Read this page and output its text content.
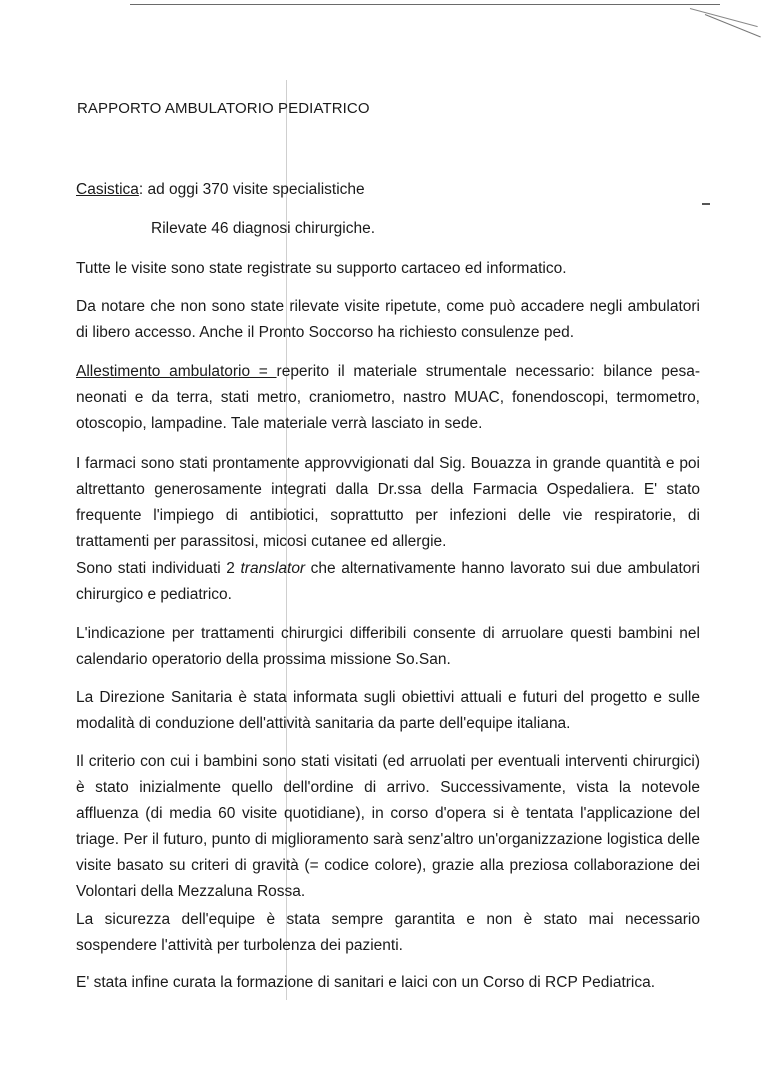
RAPPORTO AMBULATORIO PEDIATRICO

Casistica: ad oggi 370 visite specialistiche

Rilevate 46 diagnosi chirurgiche.

Tutte le visite sono state registrate su supporto cartaceo ed informatico.

Da notare che non sono state rilevate visite ripetute, come può accadere negli ambulatori di libero accesso. Anche il Pronto Soccorso ha richiesto consulenze ped.

Allestimento ambulatorio = reperito il materiale strumentale necessario: bilance pesa-neonati e da terra, stati metro, craniometro, nastro MUAC, fonendoscopi, termometro, otoscopio, lampadine. Tale materiale verrà lasciato in sede.

I farmaci sono stati prontamente approvvigionati dal Sig. Bouazza in grande quantità e poi altrettanto generosamente integrati dalla Dr.ssa della Farmacia Ospedaliera. E' stato frequente l'impiego di antibiotici, soprattutto per infezioni delle vie respiratorie, di trattamenti per parassitosi, micosi cutanee ed allergie.

Sono stati individuati 2 translator che alternativamente hanno lavorato sui due ambulatori chirurgico e pediatrico.

L'indicazione per trattamenti chirurgici differibili consente di arruolare questi bambini nel calendario operatorio della prossima missione So.San.

La Direzione Sanitaria è stata informata sugli obiettivi attuali e futuri del progetto e sulle modalità di conduzione dell'attività sanitaria da parte dell'equipe italiana.

Il criterio con cui i bambini sono stati visitati (ed arruolati per eventuali interventi chirurgici) è stato inizialmente quello dell'ordine di arrivo. Successivamente, vista la notevole affluenza (di media 60 visite quotidiane), in corso d'opera si è tentata l'applicazione del triage. Per il futuro, punto di miglioramento sarà senz'altro un'organizzazione logistica delle visite basato su criteri di gravità (= codice colore), grazie alla preziosa collaborazione dei Volontari della Mezzaluna Rossa.

La sicurezza dell'equipe è stata sempre garantita e non è stato mai necessario sospendere l'attività per turbolenza dei pazienti.

E' stata infine curata la formazione di sanitari e laici con un Corso di RCP Pediatrica.
